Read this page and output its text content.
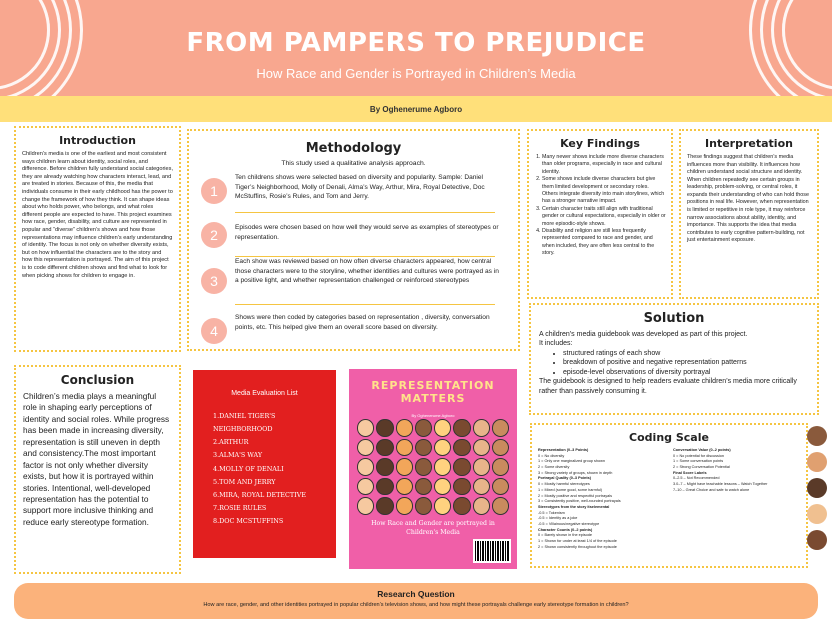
FROM PAMPERS TO PREJUDICE
How Race and Gender is Portrayed in Children’s Media
By Oghenerume Agboro
Introduction

Children’s media is one of the earliest and most consistent ways children learn about identity, social roles, and difference. Before children fully understand social categories, they are already watching how characters interact, lead, and are treated in stories. Because of this, the media that individuals consume in their early childhood has the power to change the framework of how they think. It can shape ideas about who holds power, who belongs, and what roles different people are expected to have. This project examines how race, gender, disability, and culture are represented in popular and “diverse” children’s shows and how those representations may influence children’s early understanding of identity. The focus is not only on whether diversity exists, but on how influential the characters are to the story and how this representation is portrayed. The aim of this project is to code different children shows and find what to look for when picking shows for children to engage in.

Methodology
This study used a qualitative analysis approach.
1
Ten childrens shows were selected based on diversity and popularity. Sample: Daniel Tiger’s Neighborhood, Molly of Denali, Alma’s Way, Arthur, Mira, Royal Detective, Doc McStuffins, Rosie’s Rules, and Tom and Jerry.
2	Episodes were chosen based on how well they would serve as examples of stereotypes or representation.
3
Each show was reviewed based on how often diverse characters appeared, how central those characters were to the storyline, whether identities and cultures were portrayed as in a positive light, and whether representation challenged or reinforced stereotypes
4
Shows were then coded by categories based on representation , diversity, conversation points, etc. This helped give them an overall score based on diversity.
Key Findings
1. Many newer shows include more diverse characters than older programs, especially in race and cultural identity.
2. Some shows include diverse characters but give them limited development or secondary roles. Others integrate diversity into main storylines, which has a stronger narrative impact.
3. Certain character traits still align with traditional gender or cultural expectations, especially in older or more episodic-style shows.
4. Disability and religion are still less frequently represented compared to race and gender, and when included, they are often less central to the story.
Interpretation

These findings suggest that children’s media influences more than visibility. It influences how children understand social structure and identity. When children repeatedly see certain groups in leadership, problem-solving, or central roles, it expands their understanding of who can hold those positions in real life. However, when representation is limited or repetitive in role type, it may reinforce narrow associations about ability, identity, and importance. This supports the idea that media contributes to early cognitive pattern-building, not just entertainment exposure.

Solution

A children’s media guidebook was developed as part of this project.

It includes:

• structured ratings of each show
• breakdown of positive and negative representation patterns
• episode-level observations of diversity portrayal

The guidebook is designed to help readers evaluate children’s media more critically rather than passively consuming it.

Conclusion

Children’s media plays a meaningful role in shaping early perceptions of identity and social roles. While progress has been made in increasing diversity, representation is still uneven in depth and consistency.The most important factor is not only whether diversity exists, but how it is portrayed within stories. Intentional, well-developed representation has the potential to support more inclusive thinking and reduce early stereotype formation.

Media Evaluation List
1.DANIEL TIGER'S NEIGHBORHOOD
2.ARTHUR
3.ALMA'S WAY
4.MOLLY OF DENALI
5.TOM AND JERRY
6.MIRA, ROYAL DETECTIVE
7.ROSIE RULES
8.DOC MCSTUFFINS
REPRESENTATION MATTERS
By Oghenerume Agboro
How Race and Gender are portrayed in Children's Media
Coding Scale
Representation (0–3 Points)
0 = No diversity
1 = Only one marginalized group shown
2 = Some diversity
3 = Strong variety of groups, shown in depth
Portrayal Quality (0–3 Points)
0 = Mostly harmful stereotypes
1 = Mixed (some good, some harmful)
2 = Mostly positive and respectful portrayals
3 = Consistently positive, well-rounded portrayals
Stereotypes from the story itselemental
-0.5 = Tokenism
-0.5 = Identity as a joke
-0.5 = Villainous/negative stereotype
Character Counts (0–2 points)
0 = Barely shown in the episode
1 = Shown for under at least 1/4 of the episode
2 = Shown consistently throughout the episode
Conversation Value (0–2 points)
0 = No potential for discussion
1 = Some conversation points
2 = Strong Conversation Potential
Final Score Labels
0–2.5 – Not Recommended
3.0–7 – Might have teachable lessons – Watch Together
7–10 – Great Choice and safe to watch alone
Research Question

How are race, gender, and other identities portrayed in popular children’s television shows, and how might these portrayals challenge early stereotype formation in children?
